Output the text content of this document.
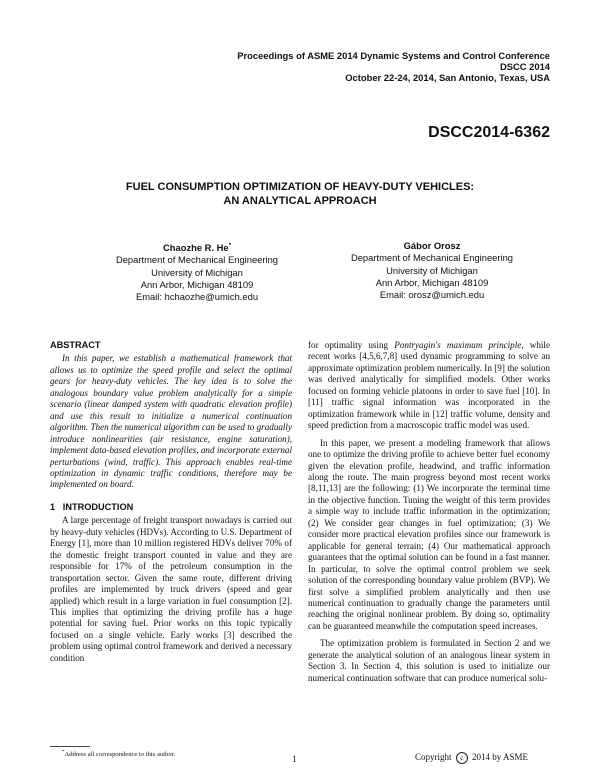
Proceedings of ASME 2014 Dynamic Systems and Control Conference
DSCC 2014
October 22-24, 2014, San Antonio, Texas, USA
DSCC2014-6362
FUEL CONSUMPTION OPTIMIZATION OF HEAVY-DUTY VEHICLES:
AN ANALYTICAL APPROACH
Chaozhe R. He*
Department of Mechanical Engineering
University of Michigan
Ann Arbor, Michigan 48109
Email: hchaozhe@umich.edu
Gábor Orosz
Department of Mechanical Engineering
University of Michigan
Ann Arbor, Michigan 48109
Email: orosz@umich.edu
ABSTRACT

In this paper, we establish a mathematical framework that allows us to optimize the speed profile and select the optimal gears for heavy-duty vehicles. The key idea is to solve the analogous boundary value problem analytically for a simple scenario (linear damped system with quadratic elevation profile) and use this result to initialize a numerical continuation algorithm. Then the numerical algorithm can be used to gradually introduce nonlinearities (air resistance, engine saturation), implement data-based elevation profiles, and incorporate external perturbations (wind, traffic). This approach enables real-time optimization in dynamic traffic conditions, therefore may be implemented on board.

1 INTRODUCTION

A large percentage of freight transport nowadays is carried out by heavy-duty vehicles (HDVs). According to U.S. Department of Energy [1], more than 10 million registered HDVs deliver 70% of the domestic freight transport counted in value and they are responsible for 17% of the petroleum consumption in the transportation sector. Given the same route, different driving profiles are implemented by truck drivers (speed and gear applied) which result in a large variation in fuel consumption [2]. This implies that optimizing the driving profile has a huge potential for saving fuel. Prior works on this topic typically focused on a single vehicle. Early works [3] described the problem using optimal control framework and derived a necessary condition

for optimality using Pontryagin's maximum principle, while recent works [4,5,6,7,8] used dynamic programming to solve an approximate optimization problem numerically. In [9] the solution was derived analytically for simplified models. Other works focused on forming vehicle platoons in order to save fuel [10]. In [11] traffic signal information was incorporated in the optimization framework while in [12] traffic volume, density and speed prediction from a macroscopic traffic model was used.

In this paper, we present a modeling framework that allows one to optimize the driving profile to achieve better fuel economy given the elevation profile, headwind, and traffic information along the route. The main progress beyond most recent works [8,11,13] are the following: (1) We incorporate the terminal time in the objective function. Tuning the weight of this term provides a simple way to include traffic information in the optimization; (2) We consider gear changes in fuel optimization; (3) We consider more practical elevation profiles since our framework is applicable for general terrain; (4) Our mathematical approach guarantees that the optimal solution can be found in a fast manner. In particular, to solve the optimal control problem we seek solution of the corresponding boundary value problem (BVP). We first solve a simplified problem analytically and then use numerical continuation to gradually change the parameters until reaching the original nonlinear problem. By doing so, optimality can be guaranteed meanwhile the computation speed increases.

The optimization problem is formulated in Section 2 and we generate the analytical solution of an analogous linear system in Section 3. In Section 4, this solution is used to initialize our numerical continuation software that can produce numerical solu-

*Address all correspondence to this author.	1	Copyright c 2014 by ASME
